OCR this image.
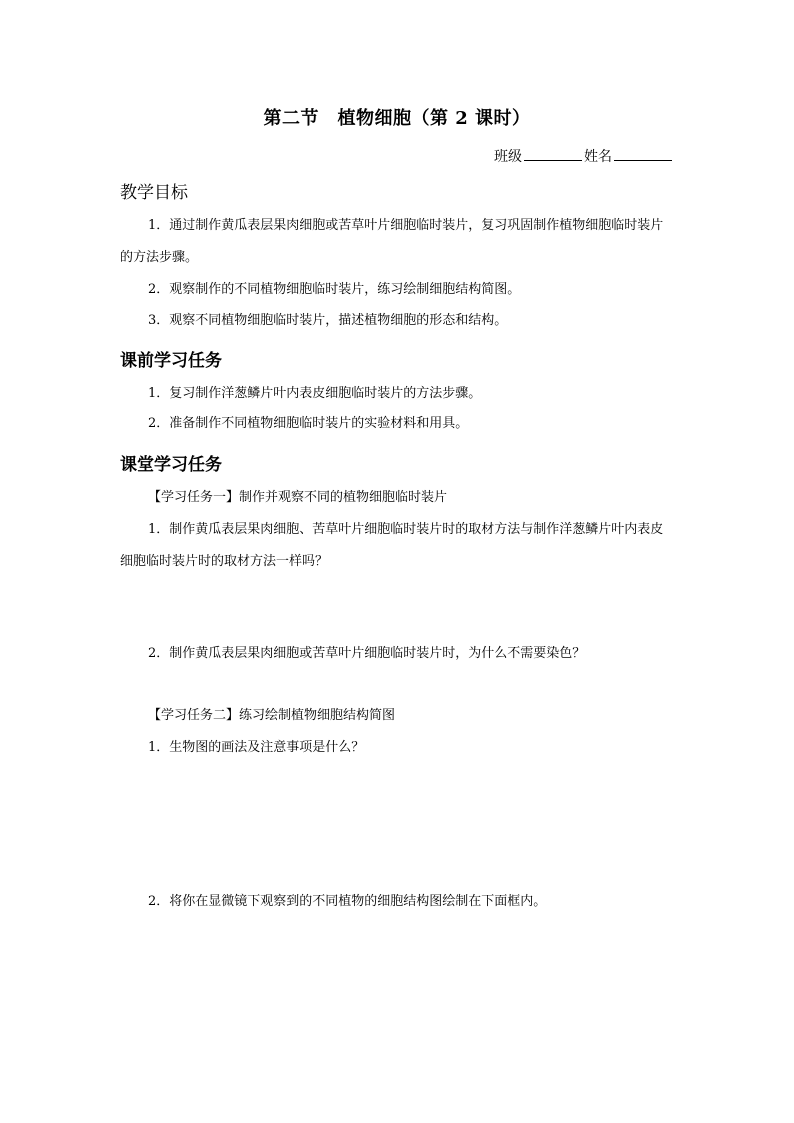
第二节　植物细胞（第 2 课时）
班级	姓名
教学目标
1．通过制作黄瓜表层果肉细胞或苦草叶片细胞临时装片，复习巩固制作植物细胞临时装片的方法步骤。
2．观察制作的不同植物细胞临时装片，练习绘制细胞结构简图。
3．观察不同植物细胞临时装片，描述植物细胞的形态和结构。
课前学习任务
1．复习制作洋葱鳞片叶内表皮细胞临时装片的方法步骤。
2．准备制作不同植物细胞临时装片的实验材料和用具。
课堂学习任务
【学习任务一】制作并观察不同的植物细胞临时装片
1．制作黄瓜表层果肉细胞、苦草叶片细胞临时装片时的取材方法与制作洋葱鳞片叶内表皮细胞临时装片时的取材方法一样吗？
2．制作黄瓜表层果肉细胞或苦草叶片细胞临时装片时，为什么不需要染色？
【学习任务二】练习绘制植物细胞结构简图
1．生物图的画法及注意事项是什么？
2．将你在显微镜下观察到的不同植物的细胞结构图绘制在下面框内。
